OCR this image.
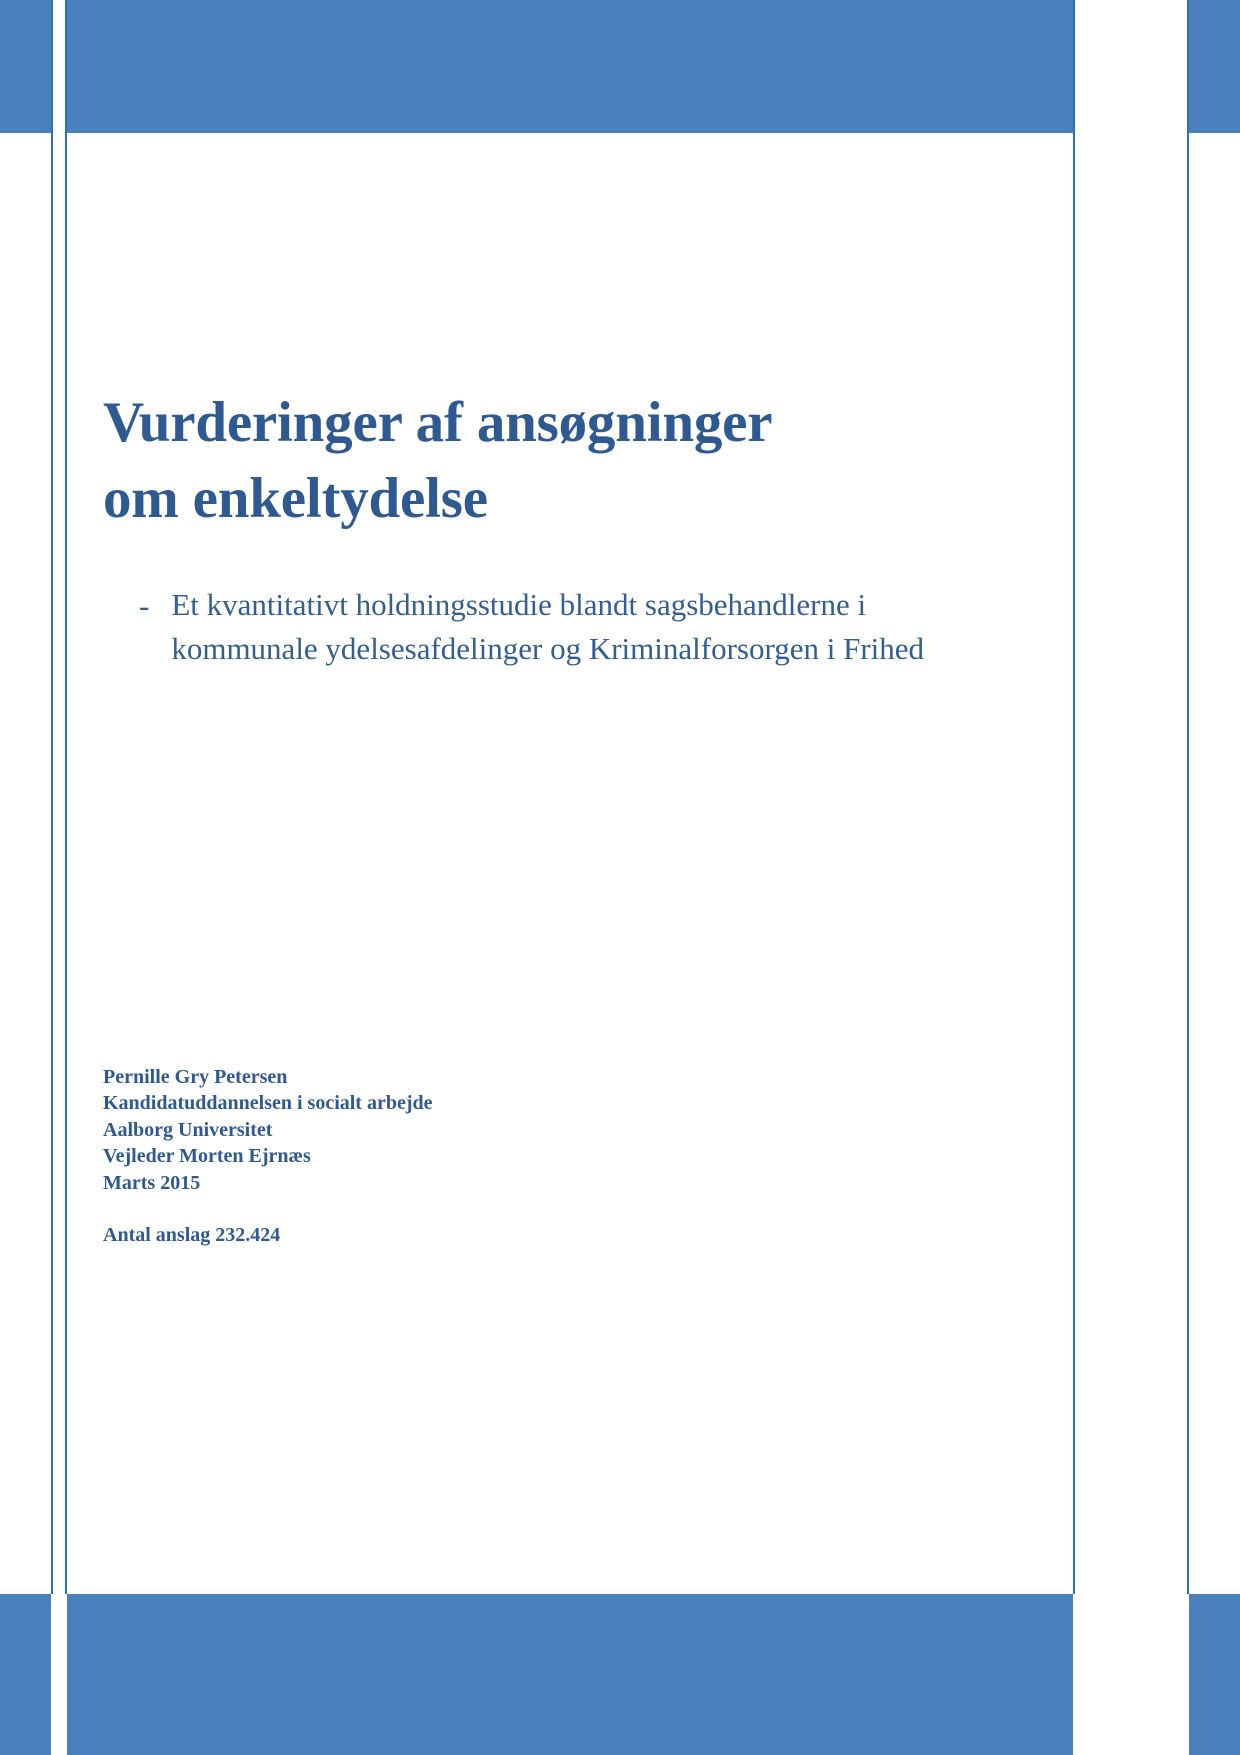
Vurderinger af ansøgninger
om enkeltydelse
- Et kvantitativt holdningsstudie blandt sagsbehandlerne i kommunale ydelsesafdelinger og Kriminalforsorgen i Frihed
Pernille Gry Petersen
Kandidatuddannelsen i socialt arbejde
Aalborg Universitet
Vejleder Morten Ejrnæs
Marts 2015
Antal anslag 232.424
